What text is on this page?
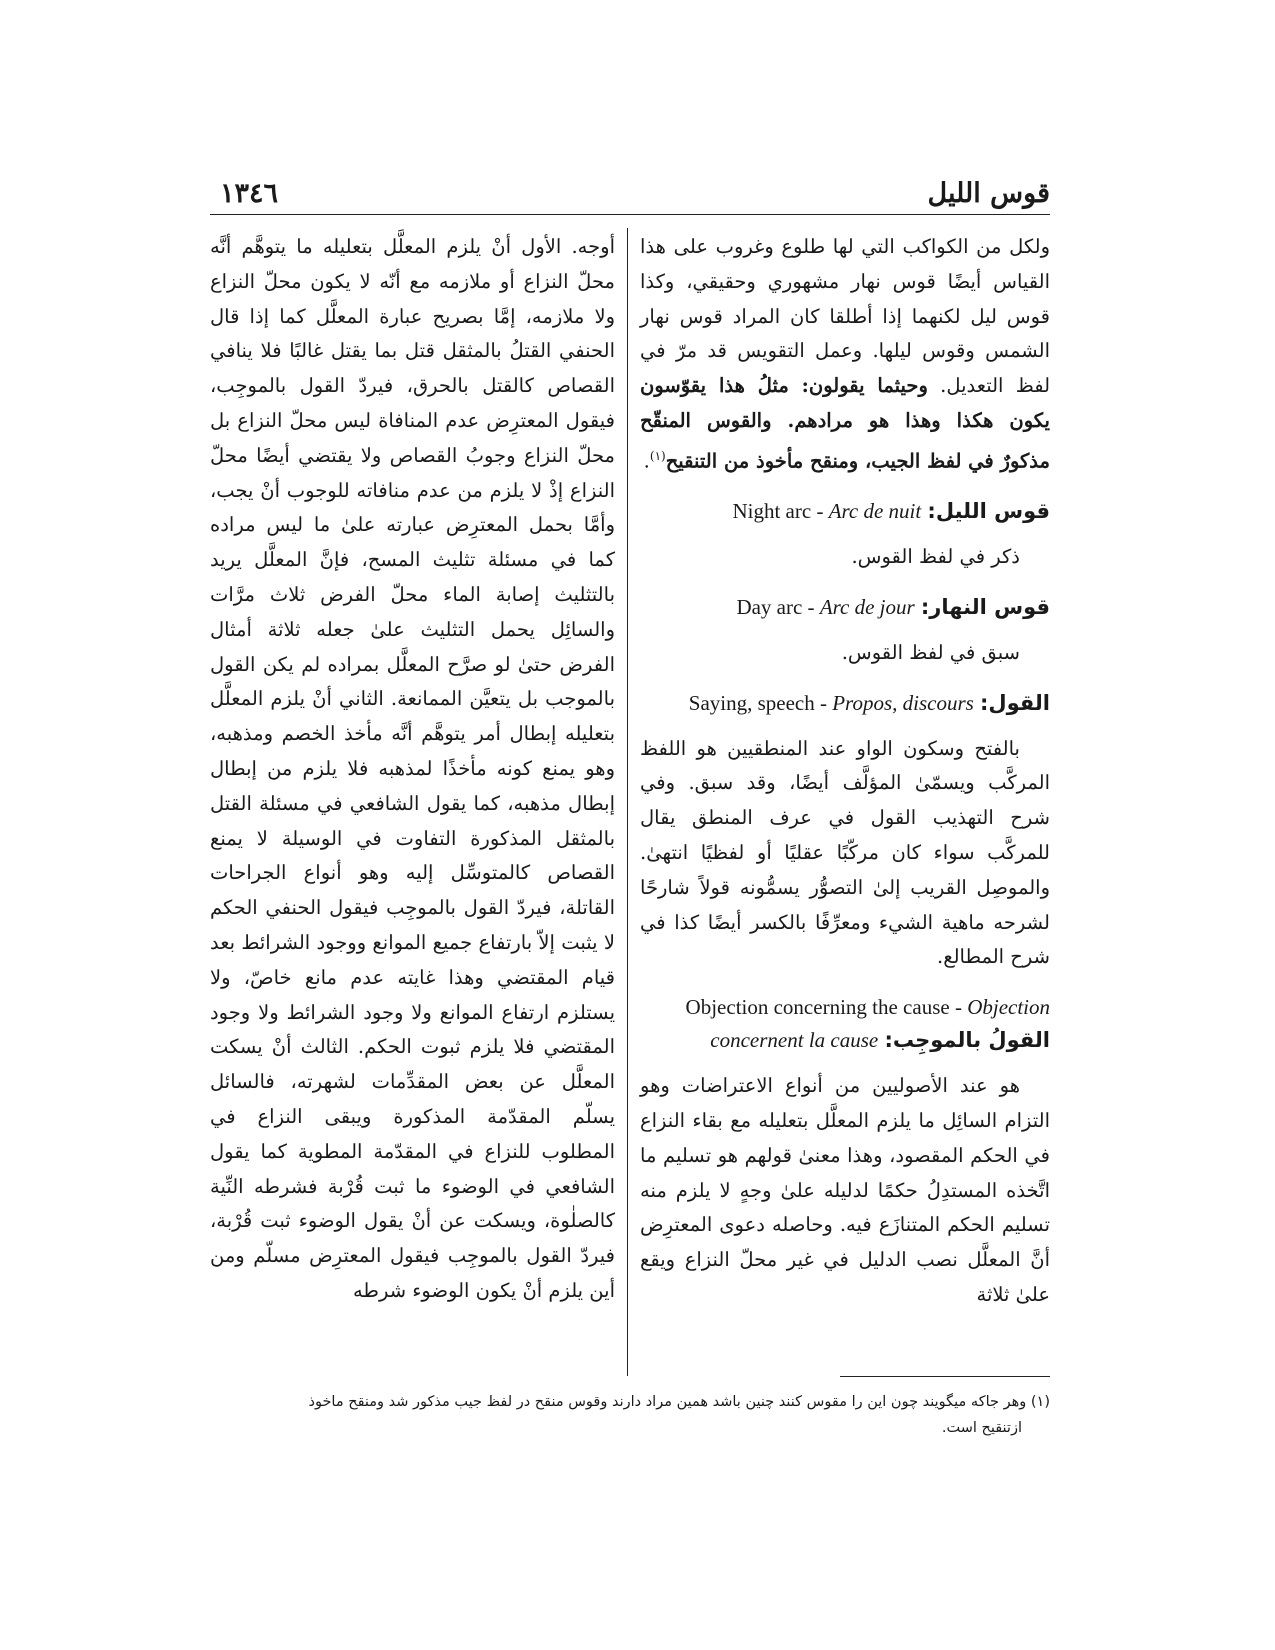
قوس الليل
١٣٤٦

ولكل من الكواكب التي لها طلوع وغروب على هذا القياس أيضًا قوس نهار مشهوري وحقيقي، وكذا قوس ليل لكنهما إذا أطلقا كان المراد قوس نهار الشمس وقوس ليلها. وعمل التقويس قد مرّ في لفظ التعديل. وحيثما يقولون: مثلُ هذا يقوّسون يكون هكذا وهذا هو مرادهم. والقوس المنقّح مذكورٌ في لفظ الجيب، ومنقح مأخوذ من التنقيح$^{(١)}$.

Night arc - Arc de nuit قوس الليل:

ذكر في لفظ القوس.

Day arc - Arc de jour قوس النهار:

سبق في لفظ القوس.

Saying, speech - Propos, discours القول:

بالفتح وسكون الواو عند المنطقيين هو اللفظ المركَّب ويسمّىٰ المؤلَّف أيضًا، وقد سبق. وفي شرح التهذيب القول في عرف المنطق يقال للمركَّب سواء كان مركّبًا عقليًا أو لفظيًا انتهىٰ. والموصِل القريب إلىٰ التصوُّر يسمُّونه قولاً شارحًا لشرحه ماهية الشيء ومعرِّفًا بالكسر أيضًا كذا في شرح المطالع.

Objection concerning the cause - Objection concernent la cause القولُ بالموجِب:

هو عند الأصوليين من أنواع الاعتراضات وهو التزام السائِل ما يلزم المعلَّل بتعليله مع بقاء النزاع في الحكم المقصود، وهذا معنىٰ قولهم هو تسليم ما اتَّخذه المستدِلُ حكمًا لدليله علىٰ وجهٍ لا يلزم منه تسليم الحكم المتنازَع فيه. وحاصله دعوى المعترِض أنَّ المعلَّل نصب الدليل في غير محلّ النزاع ويقع علىٰ ثلاثة

أوجه. الأول أنْ يلزم المعلَّل بتعليله ما يتوهَّم أنَّه محلّ النزاع أو ملازمه مع أنّه لا يكون محلّ النزاع ولا ملازمه، إمَّا بصريح عبارة المعلَّل كما إذا قال الحنفي القتلُ بالمثقل قتل بما يقتل غالبًا فلا ينافي القصاص كالقتل بالحرق، فيردّ القول بالموجِب، فيقول المعترِض عدم المنافاة ليس محلّ النزاع بل محلّ النزاع وجوبُ القصاص ولا يقتضي أيضًا محلّ النزاع إذْ لا يلزم من عدم منافاته للوجوب أنْ يجب، وأمَّا بحمل المعترِض عبارته علىٰ ما ليس مراده كما في مسئلة تثليث المسح، فإنَّ المعلَّل يريد بالتثليث إصابة الماء محلّ الفرض ثلاث مرَّات والسائِل يحمل التثليث علىٰ جعله ثلاثة أمثال الفرض حتىٰ لو صرَّح المعلَّل بمراده لم يكن القول بالموجب بل يتعيَّن الممانعة. الثاني أنْ يلزم المعلَّل بتعليله إبطال أمر يتوهَّم أنَّه مأخذ الخصم ومذهبه، وهو يمنع كونه مأخذًا لمذهبه فلا يلزم من إبطال إبطال مذهبه، كما يقول الشافعي في مسئلة القتل بالمثقل المذكورة التفاوت في الوسيلة لا يمنع القصاص كالمتوسِّل إليه وهو أنواع الجراحات القاتلة، فيردّ القول بالموجِب فيقول الحنفي الحكم لا يثبت إلاّ بارتفاع جميع الموانع ووجود الشرائط بعد قيام المقتضي وهذا غايته عدم مانع خاصّ، ولا يستلزم ارتفاع الموانع ولا وجود الشرائط ولا وجود المقتضي فلا يلزم ثبوت الحكم. الثالث أنْ يسكت المعلَّل عن بعض المقدِّمات لشهرته، فالسائل يسلّم المقدّمة المذكورة ويبقى النزاع في المطلوب للنزاع في المقدّمة المطوية كما يقول الشافعي في الوضوء ما ثبت قُرْبة فشرطه النِّية كالصلٰوة، ويسكت عن أنْ يقول الوضوء ثبت قُرْبة، فيردّ القول بالموجِب فيقول المعترِض مسلّم ومن أين يلزم أنْ يكون الوضوء شرطه

(١) وهر جاكه ميگويند چون اين را مقوس كنند چنين باشد همين مراد دارند وقوس منقح در لفظ جيب مذكور شد ومنقح ماخوذ
ازتنقيح است.
